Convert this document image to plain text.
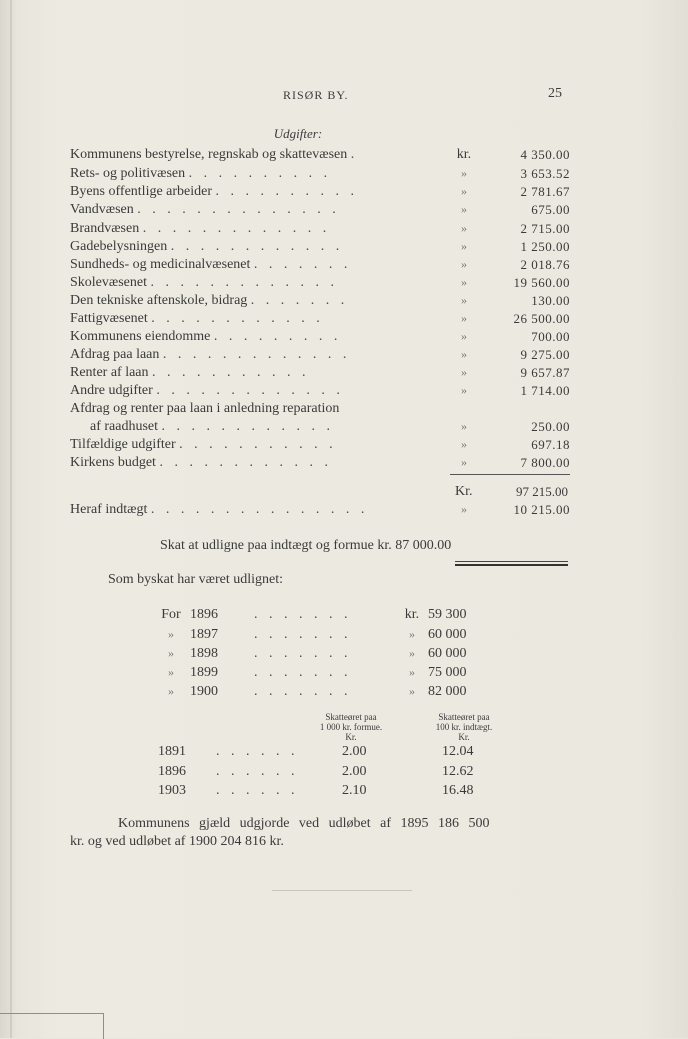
RISØR BY.	25
Udgifter:
Kommunens bestyrelse, regnskab og skattevæsen .	kr.	4 350.00
Rets- og politivæsen . . . . . . . . . .	»	3 653.52
Byens offentlige arbeider . . . . . . . . . .	»	2 781.67
Vandvæsen . . . . . . . . . . . . . .	»	675.00
Brandvæsen . . . . . . . . . . . . .	»	2 715.00
Gadebelysningen . . . . . . . . . . . .	»	1 250.00
Sundheds- og medicinalvæsenet . . . . . . .	»	2 018.76
Skolevæsenet . . . . . . . . . . . . .	»	19 560.00
Den tekniske aftenskole, bidrag . . . . . . .	»	130.00
Fattigvæsenet . . . . . . . . . . . .	»	26 500.00
Kommunens eiendomme . . . . . . . . .	»	700.00
Afdrag paa laan . . . . . . . . . . . . .	»	9 275.00
Renter af laan . . . . . . . . . . .	»	9 657.87
Andre udgifter . . . . . . . . . . . . .	»	1 714.00
Afdrag og renter paa laan i anledning reparation
af raadhuset . . . . . . . . . . . .	»	250.00
Tilfældige udgifter . . . . . . . . . . .	»	697.18
Kirkens budget . . . . . . . . . . . .	»	7 800.00
Kr.	97 215.00
Heraf indtægt . . . . . . . . . . . . . . .	»	10 215.00
Skat at udligne paa indtægt og formue kr. 87 000.00
Som byskat har været udlignet:
For 1896	. . . . . . .	kr. 59 300
»	1897	. . . . . . .	» 60 000
»	1898	. . . . . . .	» 60 000
»	1899	. . . . . . .	» 75 000
»	1900	. . . . . . .	» 82 000
Skatteøret paa
1 000 kr. formue.
Kr.
Skatteøret paa
100 kr. indtægt.
Kr.
1891 . . . . . .	2.00	12.04
1896 . . . . . .	2.00	12.62
1903 . . . . . .	2.10	16.48
Kommunens gjæld udgjorde ved udløbet af 1895 186 500
kr. og ved udløbet af 1900 204 816 kr.
